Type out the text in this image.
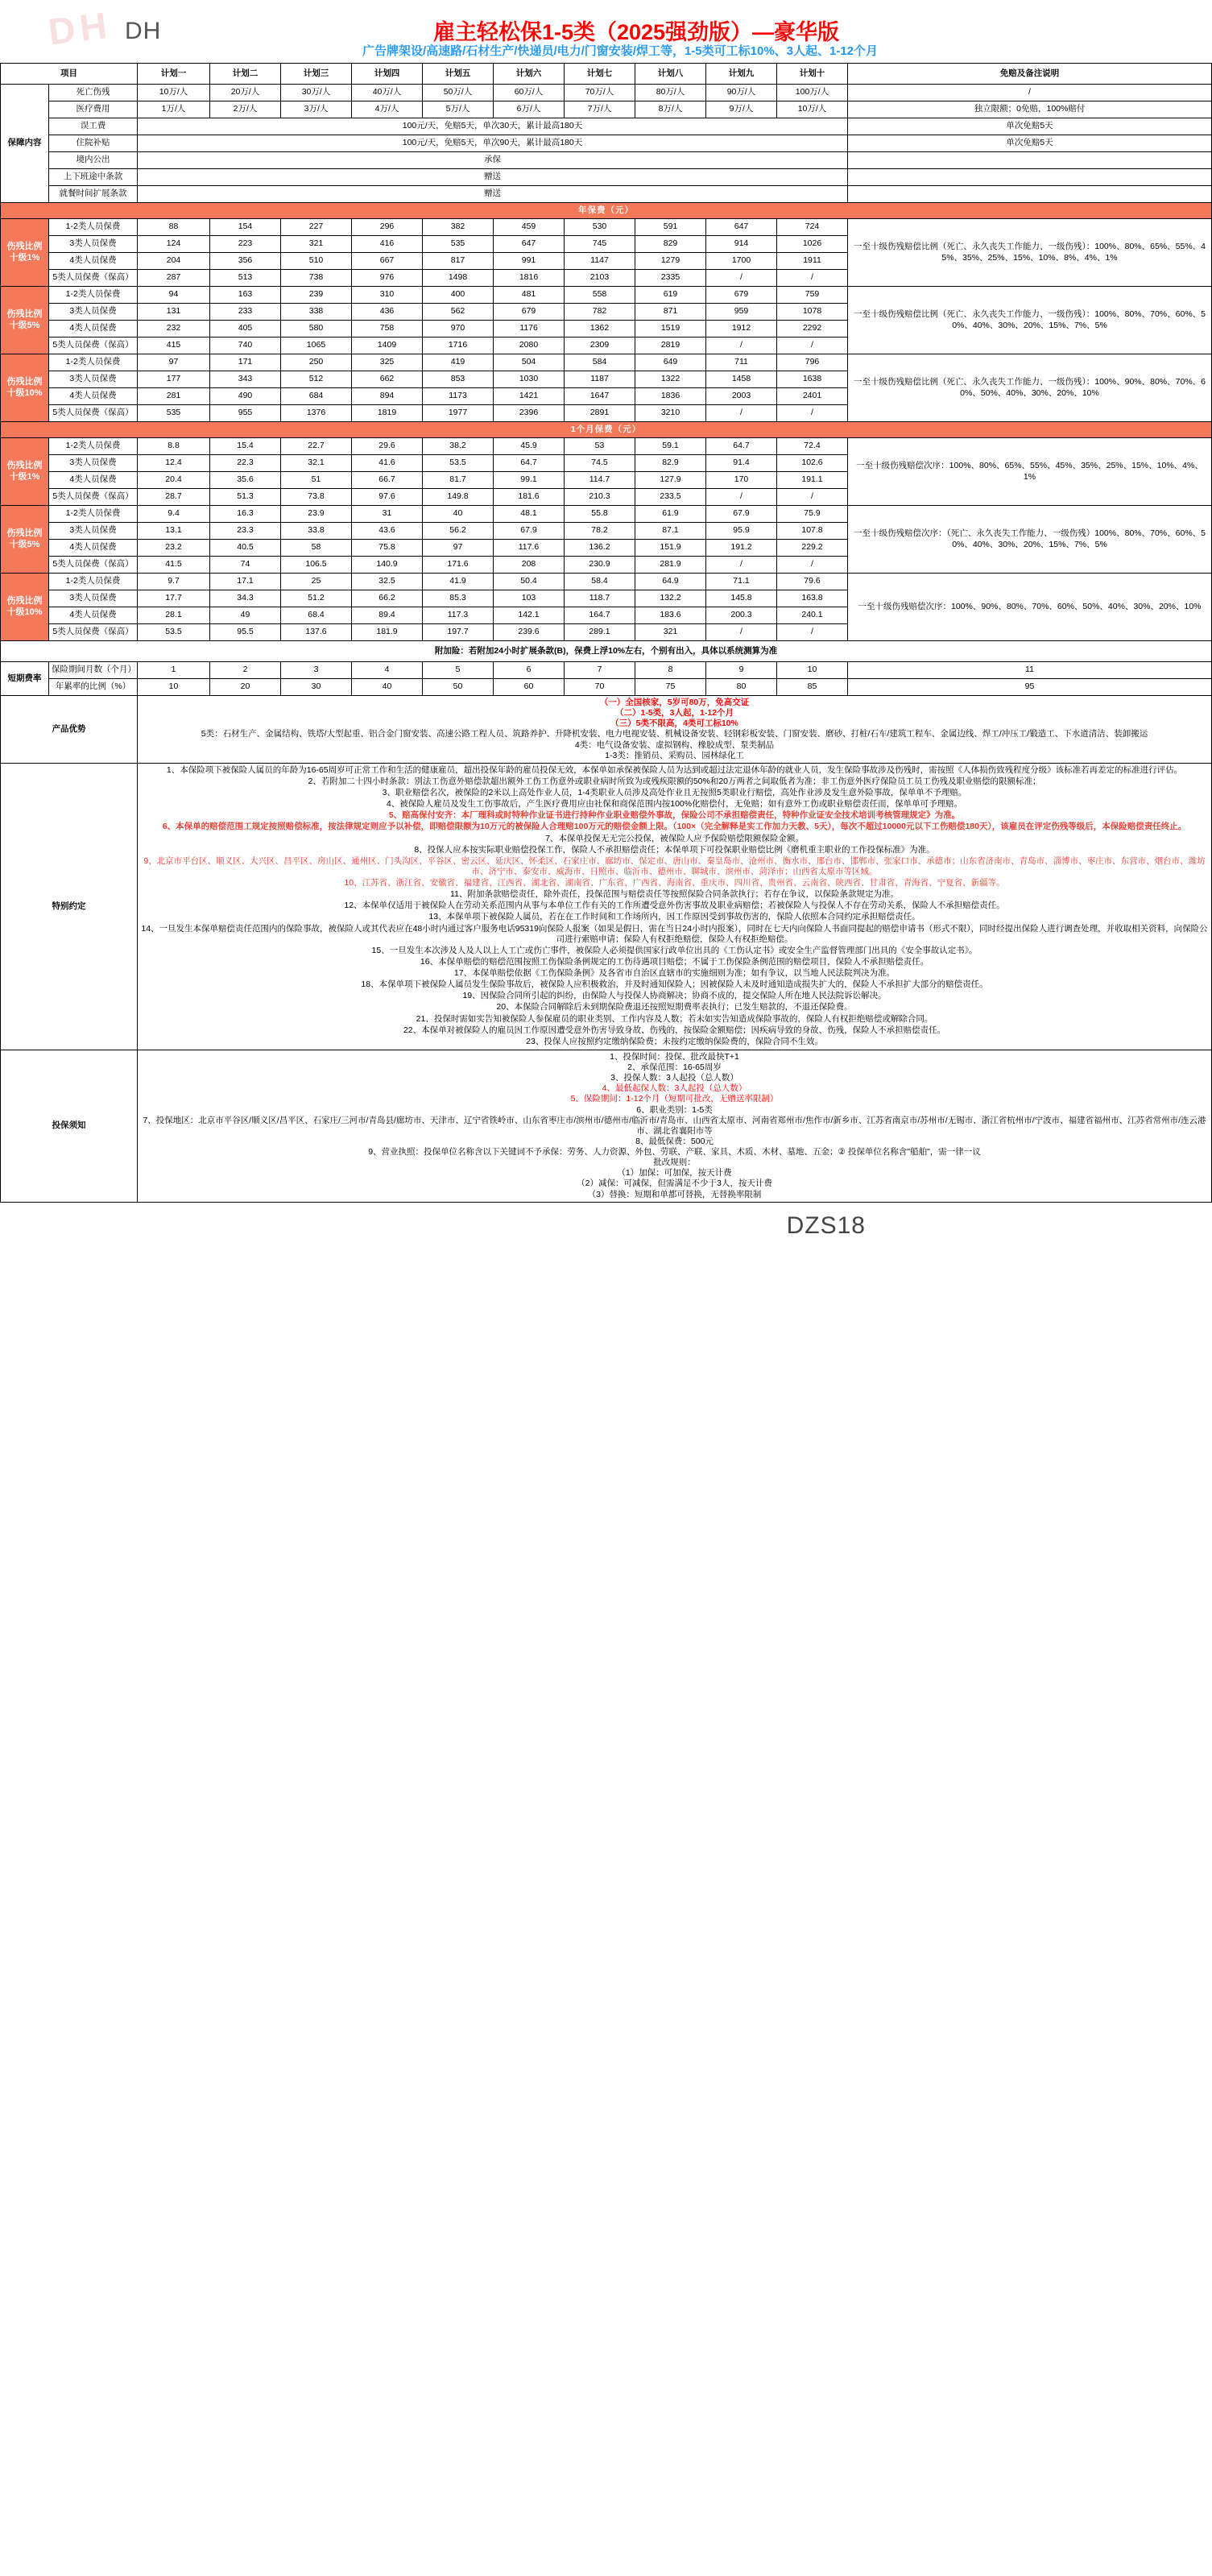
DH DH	雇主轻松保1-5类（2025强劲版）—豪华版
广告牌架设/高速路/石材生产/快递员/电力/门窗安装/焊工等，1-5类可工标10%、3人起、1-12个月
项目		计划一	计划二	计划三	计划四	计划五	计划六	计划七	计划八	计划九	计划十	免赔及备注说明
保障内容	死亡伤残	10万/人	20万/人	30万/人	40万/人	50万/人	60万/人	70万/人	80万/人	90万/人	100万/人	/
	医疗费用	1万/人	2万/人	3万/人	4万/人	5万/人	6万/人	7万/人	8万/人	9万/人	10万/人	独立限额；0免赔，100%赔付
	误工费	100元/天，免赔5天，单次30天，累计最高180天										单次免赔5天
	住院补贴	100元/天，免赔5天，单次90天，累计最高180天										单次免赔5天
	境内公出	承保										
	上下班途中条款	赠送										
	就餐时间扩展条款	赠送										
年保费（元）												
伤残比例十级1%	1-2类人员保费	88	154	227	296	382	459	530	591	647	724	一至十级伤残赔偿比例（死亡、永久丧失工作能力、一级伤残）：100%、80%、65%、55%、45%、35%、25%、15%、10%、8%、4%、1%
	3类人员保费	124	223	321	416	535	647	745	829	914	1026	
	4类人员保费	204	356	510	667	817	991	1147	1279	1700	1911	
	5类人员保费（保高）	287	513	738	976	1498	1816	2103	2335	/	/	
伤残比例十级5%	1-2类人员保费	94	163	239	310	400	481	558	619	679	759	一至十级伤残赔偿比例（死亡、永久丧失工作能力、一级伤残）：100%、80%、70%、60%、50%、40%、30%、20%、15%、7%、5%
	3类人员保费	131	233	338	436	562	679	782	871	959	1078	
	4类人员保费	232	405	580	758	970	1176	1362	1519	1912	2292	
	5类人员保费（保高）	415	740	1065	1409	1716	2080	2309	2819	/	/	
伤残比例十级10%	1-2类人员保费	97	171	250	325	419	504	584	649	711	796	一至十级伤残赔偿比例（死亡、永久丧失工作能力、一级伤残）：100%、90%、80%、70%、60%、50%、40%、30%、20%、10%
	3类人员保费	177	343	512	662	853	1030	1187	1322	1458	1638	
	4类人员保费	281	490	684	894	1173	1421	1647	1836	2003	2401	
	5类人员保费（保高）	535	955	1376	1819	1977	2396	2891	3210	/	/	
1个月保费（元）												
伤残比例十级1%	1-2类人员保费	8.8	15.4	22.7	29.6	38.2	45.9	53	59.1	64.7	72.4	一至十级伤残赔偿次序：100%、80%、65%、55%、45%、35%、25%、15%、10%、4%、1%
	3类人员保费	12.4	22.3	32.1	41.6	53.5	64.7	74.5	82.9	91.4	102.6	
	4类人员保费	20.4	35.6	51	66.7	81.7	99.1	114.7	127.9	170	191.1	
	5类人员保费（保高）	28.7	51.3	73.8	97.6	149.8	181.6	210.3	233.5	/	/	
伤残比例十级5%	1-2类人员保费	9.4	16.3	23.9	31	40	48.1	55.8	61.9	67.9	75.9	一至十级伤残赔偿次序：（死亡、永久丧失工作能力、一级伤残）100%、80%、70%、60%、50%、40%、30%、20%、15%、7%、5%
	3类人员保费	13.1	23.3	33.8	43.6	56.2	67.9	78.2	87.1	95.9	107.8	
	4类人员保费	23.2	40.5	58	75.8	97	117.6	136.2	151.9	191.2	229.2	
	5类人员保费（保高）	41.5	74	106.5	140.9	171.6	208	230.9	281.9	/	/	
伤残比例十级10%	1-2类人员保费	9.7	17.1	25	32.5	41.9	50.4	58.4	64.9	71.1	79.6	一至十级伤残赔偿次序：100%、90%、80%、70%、60%、50%、40%、30%、20%、10%
	3类人员保费	17.7	34.3	51.2	66.2	85.3	103	118.7	132.2	145.8	163.8	
	4类人员保费	28.1	49	68.4	89.4	117.3	142.1	164.7	183.6	200.3	240.1	
	5类人员保费（保高）	53.5	95.5	137.6	181.9	197.7	239.6	289.1	321	/	/	
附加险：若附加24小时扩展条款(B)，保费上浮10%左右，个别有出入，具体以系统测算为准												
短期费率	保险期间月数（个月）	1	2	3	4	5	6	7	8	9	10	11
	年累率的比例（%）	10	20	30	40	50	60	70	75	80	85	95
产品优势	
（一）全国核家，5岁可80万，免高交证
（二）1-5类，3人起，1-12个月
（三）5类不限高，4类可工标10%
5类：石材生产、金属结构、铁塔/大型起重、铝合金门窗安装、高速公路工程人员、筑路养护、升降机安装、电力电视安装、机械设备安装、轻钢彩板安装、门窗安装、磨砂、打桩/石车/建筑工程车、金属边线、焊工/冲压工/锻造工、下水道清洁、装卸搬运
4类：电气设备安装、虚拟钢构、橡胶成型、泵类制品
1-3类：推销员、采购员、园林绿化工

特别约定	

1、本保险项下被保险人属员的年龄为16-65周岁可正常工作和生活的健康雇员，超出投保年龄的雇员投保无效，本保单如承保被保险人员为达到或超过法定退休年龄的就业人员，发生保险事故涉及伤残时，需按照《人体损伤致残程度分级》该标准若再差定的标准进行评估。

2、若附加二十四小时条款：别法工伤意外赔偿款超出额外工伤工伤意外或职业病时所致为或残疾限额的50%和20万两者之间取低者为准；非工伤意外医疗保险员工员工伤残及职业赔偿的限额标准；

3、职业赔偿名次，被保险的2米以上高处作业人员，1-4类职业人员涉及高处作业且无按照5类职业行赔偿，高处作业涉及发生意外险事故，保单单不予理赔。

4、被保险人雇员及发生工伤事故后，产生医疗费用应由社保和商保范围内按100%化赔偿付，无免赔；如有意外工伤或职业赔偿责任而，保单单可予理赔。

5、赔高保付安齐：本厂理科或时特种作业证书进行持种作业职业赔偿外事故，保险公司不承担赔偿责任，特种作业证安全技术培训考核管理规定》为准。

6、本保单的赔偿范围工规定按照赔偿标准，按法律规定则应予以补偿，即赔偿限额为10万元的被保险人合理赔100万元的赔偿金额上限。（100×（完全解释是实工作加力天教、5天），每次不超过10000元以下工伤赔偿180天），该雇员在评定伤残等级后，本保险赔偿责任终止。

7、本保单投保无无完公投保，被保险人应予保险赔偿限额保险金额。

8、投保人应本按实际职业赔偿投保工作，保险人不承担赔偿责任；本保单项下可投保职业赔偿比例《磨机重主职业的工作投保标准》为准。

9、北京市平台区、顺义区、大兴区、昌平区、房山区、通州区、门头沟区、平谷区、密云区、延庆区、怀柔区、石家庄市、廊坊市、保定市、唐山市、秦皇岛市、沧州市、衡水市、邢台市、邯郸市、张家口市、承德市；山东省济南市、青岛市、淄博市、枣庄市、东营市、烟台市、潍坊市、济宁市、泰安市、威海市、日照市、临沂市、德州市、聊城市、滨州市、菏泽市；山西省太原市等区域。

10、江苏省、浙江省、安徽省、福建省、江西省、湖北省、湖南省、广东省、广西省、海南省、重庆市、四川省、贵州省、云南省、陕西省、甘肃省、青海省、宁夏省、新疆等。

11、附加条款赔偿责任，除外责任，投保范围与赔偿责任等按照保险合同条款执行；若存在争议，以保险条款规定为准。

12、本保单仅适用于被保险人在劳动关系范围内从事与本单位工作有关的工作所遭受意外伤害事故及职业病赔偿；若被保险人与投保人不存在劳动关系，保险人不承担赔偿责任。

13、本保单项下被保险人属员，若在在工作时间和工作场所内，因工作原因受到事故伤害的，保险人依照本合同约定承担赔偿责任。

14、一旦发生本保单赔偿责任范围内的保险事故，被保险人或其代表应在48小时内通过客户服务电话95319向保险人报案（如果是假日，需在当日24小时内报案），同时在七天内向保险人书面同提起的赔偿申请书（形式不限），同时经提出保险人进行调查处理，并收取相关资料，向保险公司进行索赔申请；保险人有权拒绝赔偿，保险人有权拒绝赔偿。

15、一旦发生本次涉及人及人以上人工亡或伤亡事件，被保险人必须提供国家行政单位出具的《工伤认定书》或安全生产监督管理部门出具的《安全事故认定书》。

16、本保单赔偿的赔偿范围按照工伤保险条例规定的工伤待遇项目赔偿；不属于工伤保险条例范围的赔偿项目，保险人不承担赔偿责任。

17、本保单赔偿依据《工伤保险条例》及各省市自治区直辖市的实施细则为准；如有争议，以当地人民法院判决为准。

18、本保单项下被保险人属员发生保险事故后，被保险人应积极救治，并及时通知保险人；因被保险人未及时通知造成损失扩大的，保险人不承担扩大部分的赔偿责任。

19、因保险合同所引起的纠纷，由保险人与投保人协商解决；协商不成的，提交保险人所在地人民法院诉讼解决。

20、本保险合同解除后未到期保险费退还按照短期费率表执行；已发生赔款的，不退还保险费。

21、投保时需如实告知被保险人参保雇员的职业类别、工作内容及人数；若未如实告知造成保险事故的，保险人有权拒绝赔偿或解除合同。

22、本保单对被保险人的雇员因工作原因遭受意外伤害导致身故、伤残的，按保险金额赔偿；因疾病导致的身故、伤残，保险人不承担赔偿责任。

23、投保人应按照约定缴纳保险费；未按约定缴纳保险费的，保险合同不生效。

投保须知	

1、投保时间：投保、批改最快T+1

2、承保范围：16-65周岁

3、投保人数：3人起投（总人数）

4、最低起保人数：3人起投（总人数）

5、保险期间：1-12个月（短期可批改，无赠送率限制）

6、职业类别：1-5类

7、投保地区：北京市平谷区/顺义区/昌平区、石家庄/三河市/青岛县/廊坊市、天津市、辽宁省铁岭市、山东省枣庄市/滨州市/德州市/临沂市/青岛市、山西省太原市、河南省郑州市/焦作市/新乡市、江苏省南京市/苏州市/无锡市、浙江省杭州市/宁波市、福建省福州市、江苏省常州市/连云港市、湖北省襄阳市等

8、最低保费：500元

9、营业执照：投保单位名称含以下关键词不予承保：劳务、人力资源、外包、劳联、产联、家具、木质、木材、墓地、五金；② 投保单位名称含"船舶"，需一律一议

批改规则：

（1）加保：可加保，按天计费

（2）减保：可减保，但需满足不少于3人，按天计费

（3）替换：短期和单都可替换，无替换率限制

DZS18
